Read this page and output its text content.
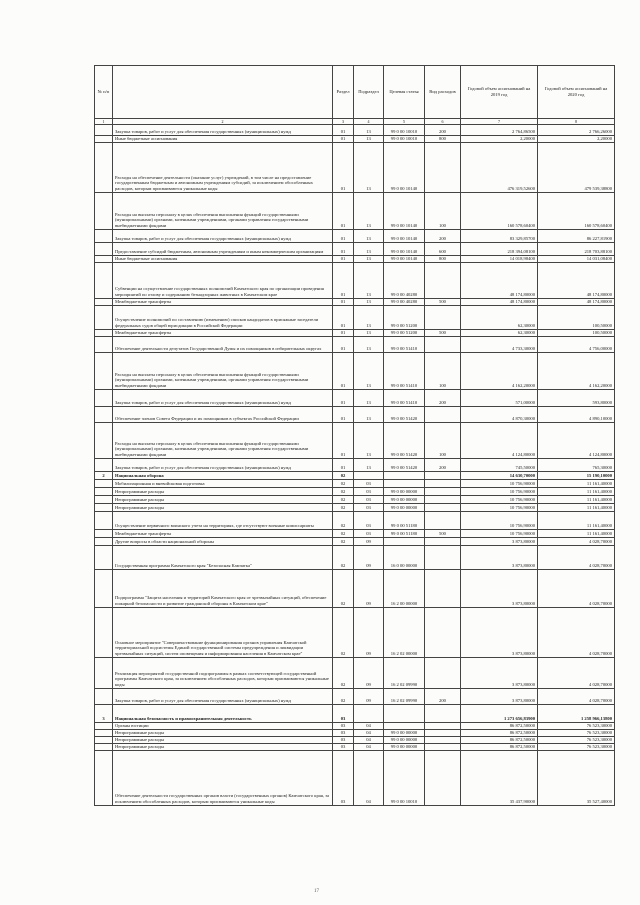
№ п/п		Раздел	Подраздел	Целевая статья	Вид расходов	Годовой объем ассигнований на 2019 год	Годовой объем ассигнований на 2020 год
1	2	3	4	5	6	7	8
	Закупка товаров, работ и услуг для обеспечения государственных (муниципальных) нужд	01	13	99 0 00 10010	200	2 764,86500	2 766,26000
	Иные бюджетные ассигнования	01	13	99 0 00 10010	800	2,20000	2,20000
	Расходы на обеспечение деятельности (оказание услуг) учреждений, в том числе на предоставление государственным бюджетным и автономным учреждениям субсидий, за исключением обособленных расходов, которым присваиваются уникальные коды	01	13	99 0 00 10140		476 319,52600	479 539,38800
	Расходы на выплаты персоналу в целях обеспечения выполнения функций государственными (муниципальными) органами, казенными учреждениями, органами управления государственными внебюджетными фондами	01	13	99 0 00 10140	100	160 578,60400	160 578,60400
	Закупка товаров, работ и услуг для обеспечения государственных (муниципальных) нужд	01	13	99 0 00 10140	200	83 329,85700	86 227,81900
	Предоставление субсидий бюджетным, автономным учреждениям и иным некоммерческим организациям	01	13	99 0 00 10140	600	218 394,08100	218 703,88100
	Иные бюджетные ассигнования	01	13	99 0 00 10140	800	14 018,98400	14 031,08400
	Субвенции на осуществление государственных полномочий Камчатского края по организации проведения мероприятий по отлову и содержанию безнадзорных животных в Камчатском крае	01	13	99 0 00 40280		48 174,80000	48 174,80000
	Межбюджетные трансферты	01	13	99 0 00 40280	500	48 174,80000	48 174,80000
	Осуществление полномочий по составлению (изменению) списков кандидатов в присяжные заседатели федеральных судов общей юрисдикции в Российской Федерации	01	13	99 0 00 51200		62,30000	100,50000
	Межбюджетные трансферты	01	13	99 0 00 51200	500	62,30000	100,50000
	Обеспечение деятельности депутатов Государственной Думы и их помощников в избирательных округах	01	13	99 0 00 51410		4 733,30000	4 756,00000
	Расходы на выплаты персоналу в целях обеспечения выполнения функций государственными (муниципальными) органами, казенными учреждениями, органами управления государственными внебюджетными фондами	01	13	99 0 00 51410	100	4 162,20000	4 162,20000
	Закупка товаров, работ и услуг для обеспечения государственных (муниципальных) нужд	01	13	99 0 00 51410	200	571,00000	593,80000
	Обеспечение членов Совета Федерации и их помощников в субъектах Российской Федерации	01	13	99 0 00 51420		4 870,30000	4 890,10000
	Расходы на выплаты персоналу в целях обеспечения выполнения функций государственными (муниципальными) органами, казенными учреждениями, органами управления государственными внебюджетными фондами	01	13	99 0 00 51420	100	4 124,80000	4 124,80000
	Закупка товаров, работ и услуг для обеспечения государственных (муниципальных) нужд	01	13	99 0 00 51420	200	745,50000	765,30000
2	Национальная оборона	02				14 630,70000	15 190,10000
	Мобилизационная и вневойсковая подготовка	02	03			10 756,90000	11 161,40000
	Непрограммные расходы	02	03	99 0 00 00000		10 756,90000	11 161,40000
	Непрограммные расходы	02	03	99 0 00 00000		10 756,90000	11 161,40000
	Непрограммные расходы	02	03	99 0 00 00000		10 756,90000	11 161,40000
	Осуществление первичного воинского учета на территориях, где отсутствуют военные комиссариаты	02	03	99 0 00 51180		10 756,90000	11 161,40000
	Межбюджетные трансферты	02	03	99 0 00 51180	500	10 756,90000	11 161,40000
	Другие вопросы в области национальной обороны	02	09			3 873,80000	4 028,70000
	Государственная программа Камчатского края "Безопасная Камчатка"	02	09	16 0 00 00000		3 873,80000	4 028,70000
	Подпрограмма "Защита населения и территорий Камчатского края от чрезвычайных ситуаций, обеспечение пожарной безопасности и развитие гражданской обороны в Камчатском крае"	02	09	16 2 00 00000		3 873,80000	4 028,70000
	Основное мероприятие "Совершенствование функционирования органов управления Камчатской территориальной подсистемы Единой государственной системы предупреждения и ликвидации чрезвычайных ситуаций, систем оповещения и информирования населения в Камчатском крае"	02	09	16 2 02 00000		3 873,80000	4 028,70000
	Реализация мероприятий государственной подпрограммы в рамках соответствующей государственной программы Камчатского края, за исключением обособленных расходов, которым присваиваются уникальные коды	02	09	16 2 02 09990		3 873,80000	4 028,70000
	Закупка товаров, работ и услуг для обеспечения государственных (муниципальных) нужд	02	09	16 2 02 09990	200	3 873,80000	4 028,70000
3	Национальная безопасность и правоохранительная деятельность	03				1 273 656,83900	1 258 966,13800
	Органы юстиции	03	04			86 872,50000	76 523,30000
	Непрограммные расходы	03	04	99 0 00 00000		86 872,50000	76 523,30000
	Непрограммные расходы	03	04	99 0 00 00000		86 872,50000	76 523,30000
	Непрограммные расходы	03	04	99 0 00 00000		86 872,50000	76 523,30000
	Обеспечение деятельности государственных органов власти (государственных органов) Камчатского края, за исключением обособленных расходов, которым присваиваются уникальные коды	03	04	99 0 00 10010		35 437,90000	35 527,40000
17
